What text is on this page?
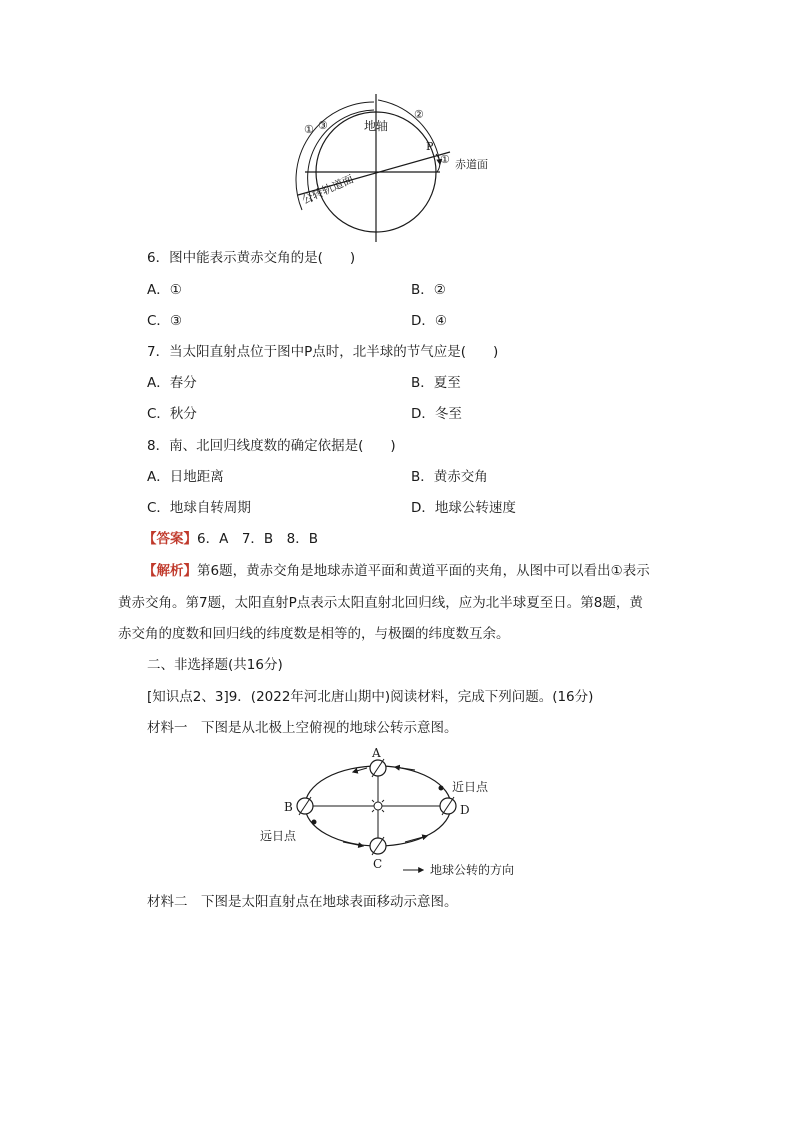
地轴
① ③
②
P
① 赤道面
公转轨道面
6．图中能表示黄赤交角的是(　　)
A．①	B．②
C．③	D．④
7．当太阳直射点位于图中P点时，北半球的节气应是(　　)
A．春分	B．夏至
C．秋分	D．冬至
8．南、北回归线度数的确定依据是(　　)
A．日地距离	B．黄赤交角
C．地球自转周期	D．地球公转速度
【答案】6．A　7．B　8．B
【解析】第6题，黄赤交角是地球赤道平面和黄道平面的夹角，从图中可以看出①表示
黄赤交角。第7题，太阳直射P点表示太阳直射北回归线，应为北半球夏至日。第8题，黄
赤交角的度数和回归线的纬度数是相等的，与极圈的纬度数互余。
二、非选择题(共16分)
[知识点2、3]9．(2022年河北唐山期中)阅读材料，完成下列问题。(16分)
材料一　下图是从北极上空俯视的地球公转示意图。
A
B
C
D
近日点
远日点
地球公转的方向
材料二　下图是太阳直射点在地球表面移动示意图。
